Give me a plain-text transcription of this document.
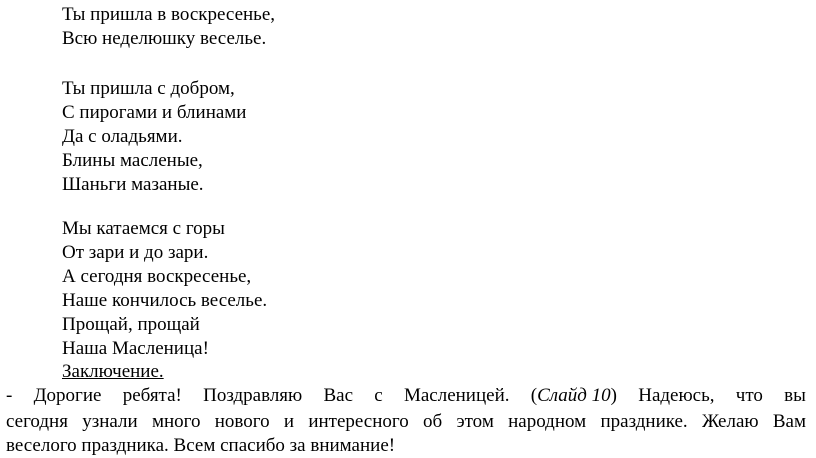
Ты пришла в воскресенье,
Всю неделюшку веселье.
Ты пришла с добром,
С пирогами и блинами
Да с оладьями.
Блины масленые,
Шаньги мазаные.
Мы катаемся с горы
От зари и до зари.
А сегодня воскресенье,
Наше кончилось веселье.
Прощай, прощай
Наша Масленица!
Заключение.
- Дорогие ребята! Поздравляю Вас с Масленицей. (Слайд 10) Надеюсь, что вы
сегодня узнали много нового и интересного об этом народном празднике. Желаю Вам
веселого праздника. Всем спасибо за внимание!
